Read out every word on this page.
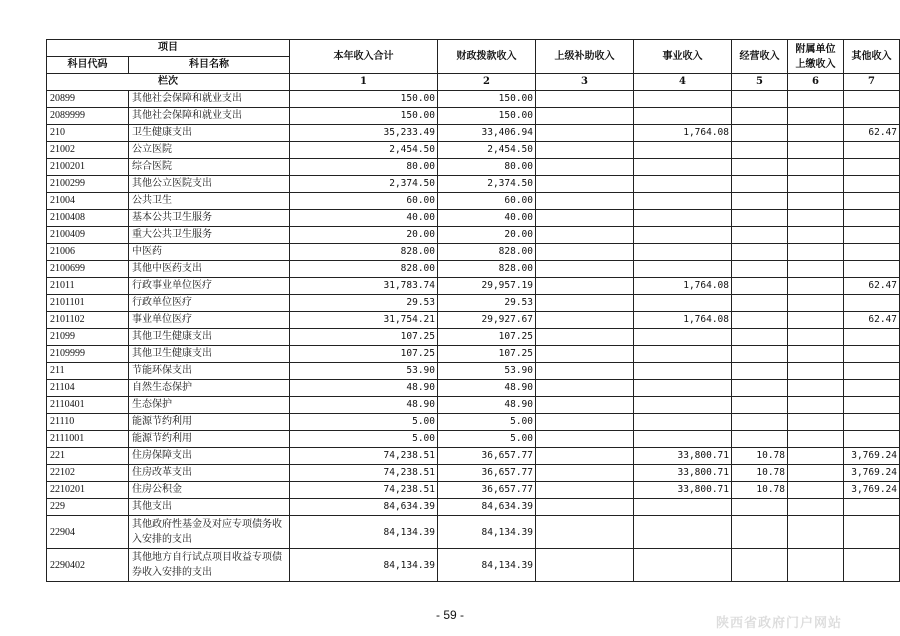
项目		本年收入合计	财政拨款收入	上级补助收入	事业收入	经营收入	附属单位上缴收入	其他收入
科目代码	科目名称							
栏次		1	2	3	4	5	6	7
20899	其他社会保障和就业支出	150.00	150.00					
2089999	其他社会保障和就业支出	150.00	150.00					
210	卫生健康支出	35,233.49	33,406.94		1,764.08			62.47
21002	公立医院	2,454.50	2,454.50					
2100201	综合医院	80.00	80.00					
2100299	其他公立医院支出	2,374.50	2,374.50					
21004	公共卫生	60.00	60.00					
2100408	基本公共卫生服务	40.00	40.00					
2100409	重大公共卫生服务	20.00	20.00					
21006	中医药	828.00	828.00					
2100699	其他中医药支出	828.00	828.00					
21011	行政事业单位医疗	31,783.74	29,957.19		1,764.08			62.47
2101101	行政单位医疗	29.53	29.53					
2101102	事业单位医疗	31,754.21	29,927.67		1,764.08			62.47
21099	其他卫生健康支出	107.25	107.25					
2109999	其他卫生健康支出	107.25	107.25					
211	节能环保支出	53.90	53.90					
21104	自然生态保护	48.90	48.90					
2110401	生态保护	48.90	48.90					
21110	能源节约利用	5.00	5.00					
2111001	能源节约利用	5.00	5.00					
221	住房保障支出	74,238.51	36,657.77		33,800.71	10.78		3,769.24
22102	住房改革支出	74,238.51	36,657.77		33,800.71	10.78		3,769.24
2210201	住房公积金	74,238.51	36,657.77		33,800.71	10.78		3,769.24
229	其他支出	84,634.39	84,634.39					
22904	其他政府性基金及对应专项债务收入安排的支出	84,134.39	84,134.39					
2290402	其他地方自行试点项目收益专项债券收入安排的支出	84,134.39	84,134.39					
- 59 -
陕西省政府门户网站
